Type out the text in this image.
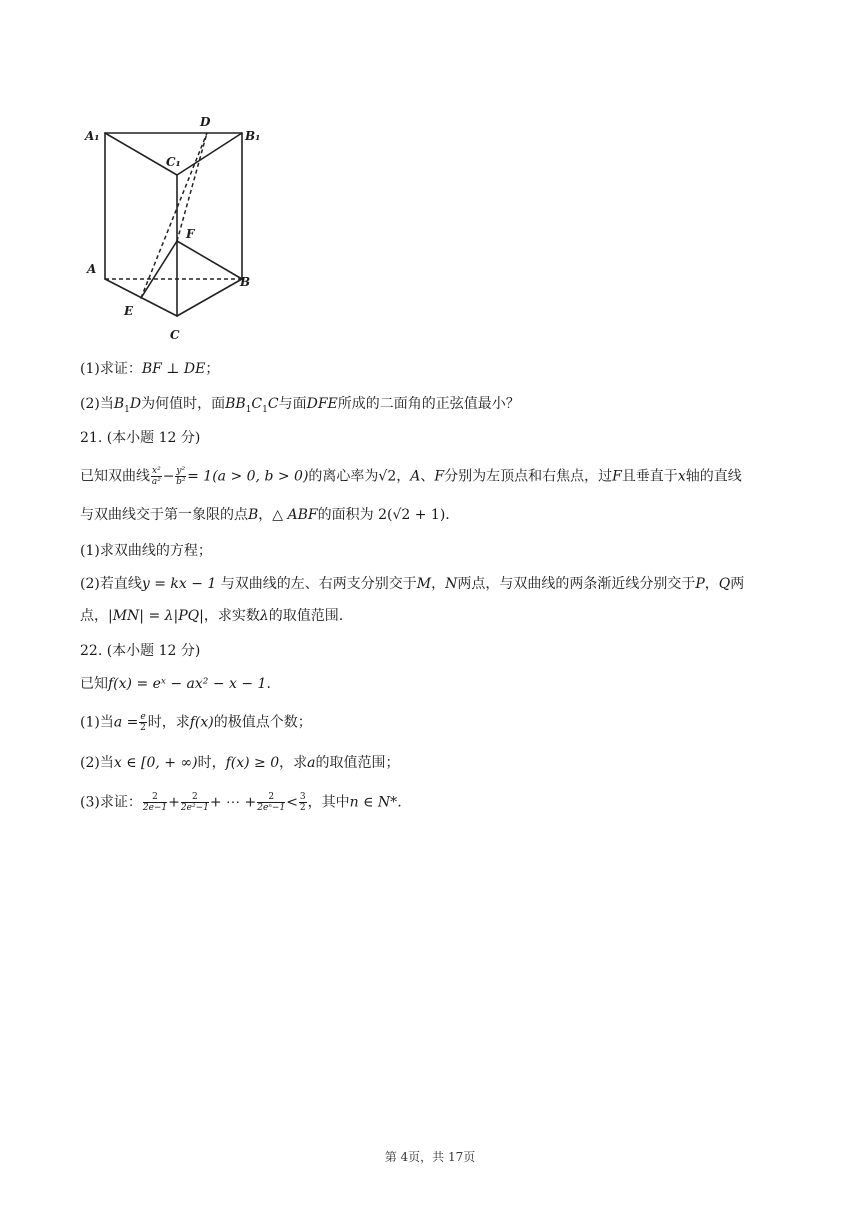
A₁
D
B₁
C₁
F
A
B
E
C
(1)求证：BF ⊥ DE；
(2)当$B_1D$为何值时，面$BB_1C_1C$与面DFE所成的二面角的正弦值最小？
21. (本小题 12 分)
已知双曲线 $\frac{\text{x²}}{\text{a²}} - \frac{\text{y²}}{\text{b²}} = 1(a > 0$, b > 0)的离心率为√2，A、F分别为左顶点和右焦点，过F且垂直于x轴的直线
与双曲线交于第一象限的点B，△ ABF的面积为 2(√2 + 1).
(1)求双曲线的方程；
(2)若直线y = kx − 1 与双曲线的左、右两支分别交于M，N两点，与双曲线的两条渐近线分别交于P，Q两
点，|MN| = λ|PQ|，求实数λ的取值范围.
22. (本小题 12 分)
已知f(x) = eˣ − ax² − x − 1.
(1)当$a = \frac{e}{2}$ 时，求f(x)的极值点个数；
(2)当x ∈ [0, + ∞)时，f(x) ≥ 0，求a的取值范围；
(3)求证： $\frac{2}{2e-1} + \frac{2}{\text{2e²−1}}$ + ⋯ + $\frac{2}{\text{2eⁿ−1}} < \frac{3}{2}$ ，其中n ∈ N*.
第 4页，共 17页
